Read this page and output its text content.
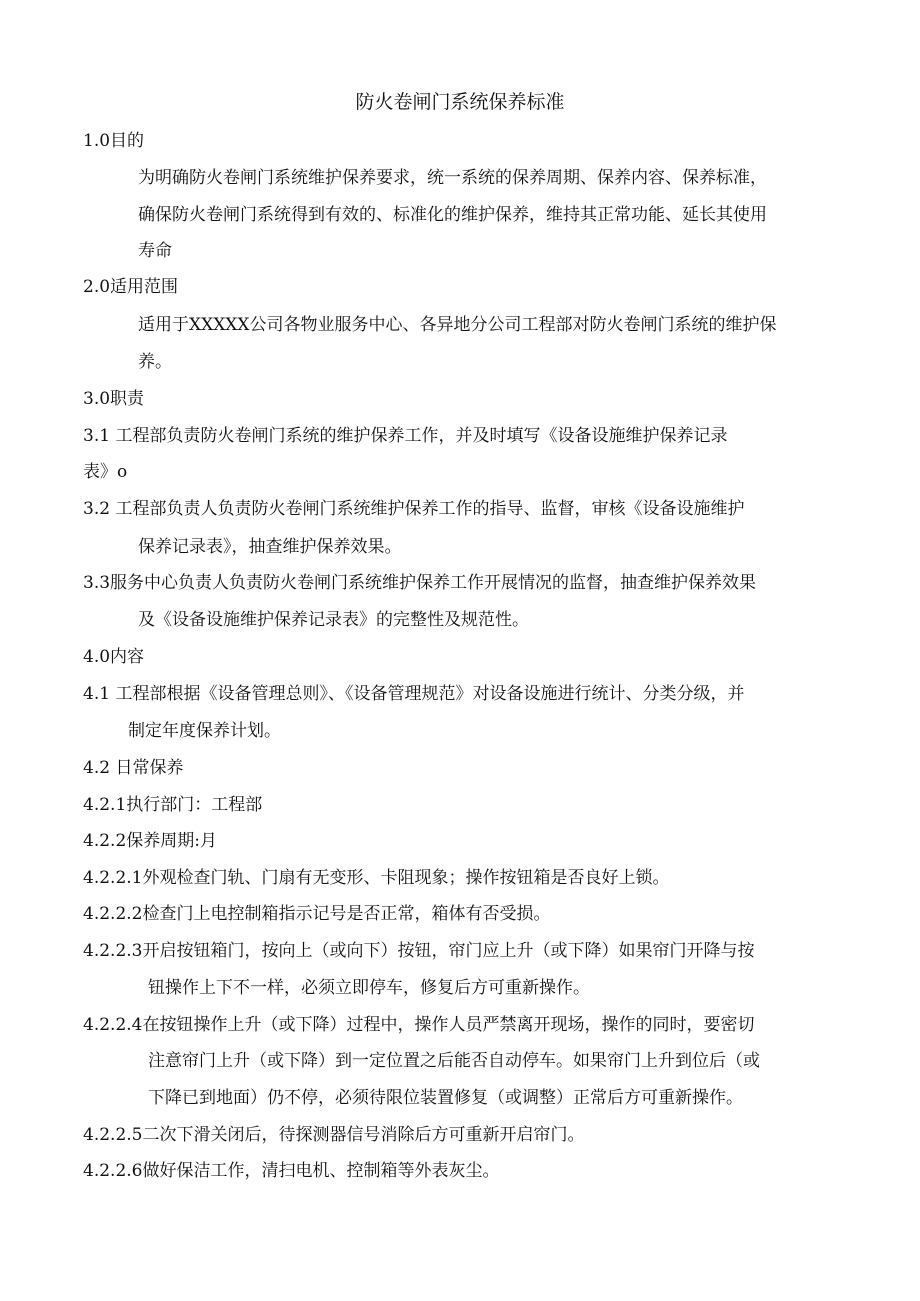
防火卷闸门系统保养标准
1.0目的
为明确防火卷闸门系统维护保养要求，统一系统的保养周期、保养内容、保养标准，
确保防火卷闸门系统得到有效的、标准化的维护保养，维持其正常功能、延长其使用
寿命
2.0适用范围
适用于XXXXX公司各物业服务中心、各异地分公司工程部对防火卷闸门系统的维护保
养。
3.0职责
3.1 工程部负责防火卷闸门系统的维护保养工作，并及时填写《设备设施维护保养记录
表》o
3.2 工程部负责人负责防火卷闸门系统维护保养工作的指导、监督，审核《设备设施维护
保养记录表》，抽查维护保养效果。
3.3服务中心负责人负责防火卷闸门系统维护保养工作开展情况的监督，抽查维护保养效果
及《设备设施维护保养记录表》的完整性及规范性。
4.0内容
4.1 工程部根据《设备管理总则》、《设备管理规范》对设备设施进行统计、分类分级，并
制定年度保养计划。
4.2 日常保养
4.2.1执行部门：工程部
4.2.2保养周期:月
4.2.2.1外观检查门轨、门扇有无变形、卡阻现象；操作按钮箱是否良好上锁。
4.2.2.2检查门上电控制箱指示记号是否正常，箱体有否受损。
4.2.2.3开启按钮箱门，按向上（或向下）按钮，帘门应上升（或下降）如果帘门开降与按
钮操作上下不一样，必须立即停车，修复后方可重新操作。
4.2.2.4在按钮操作上升（或下降）过程中，操作人员严禁离开现场，操作的同时，要密切
注意帘门上升（或下降）到一定位置之后能否自动停车。如果帘门上升到位后（或
下降已到地面）仍不停，必须待限位装置修复（或调整）正常后方可重新操作。
4.2.2.5二次下滑关闭后，待探测器信号消除后方可重新开启帘门。
4.2.2.6做好保洁工作，清扫电机、控制箱等外表灰尘。
